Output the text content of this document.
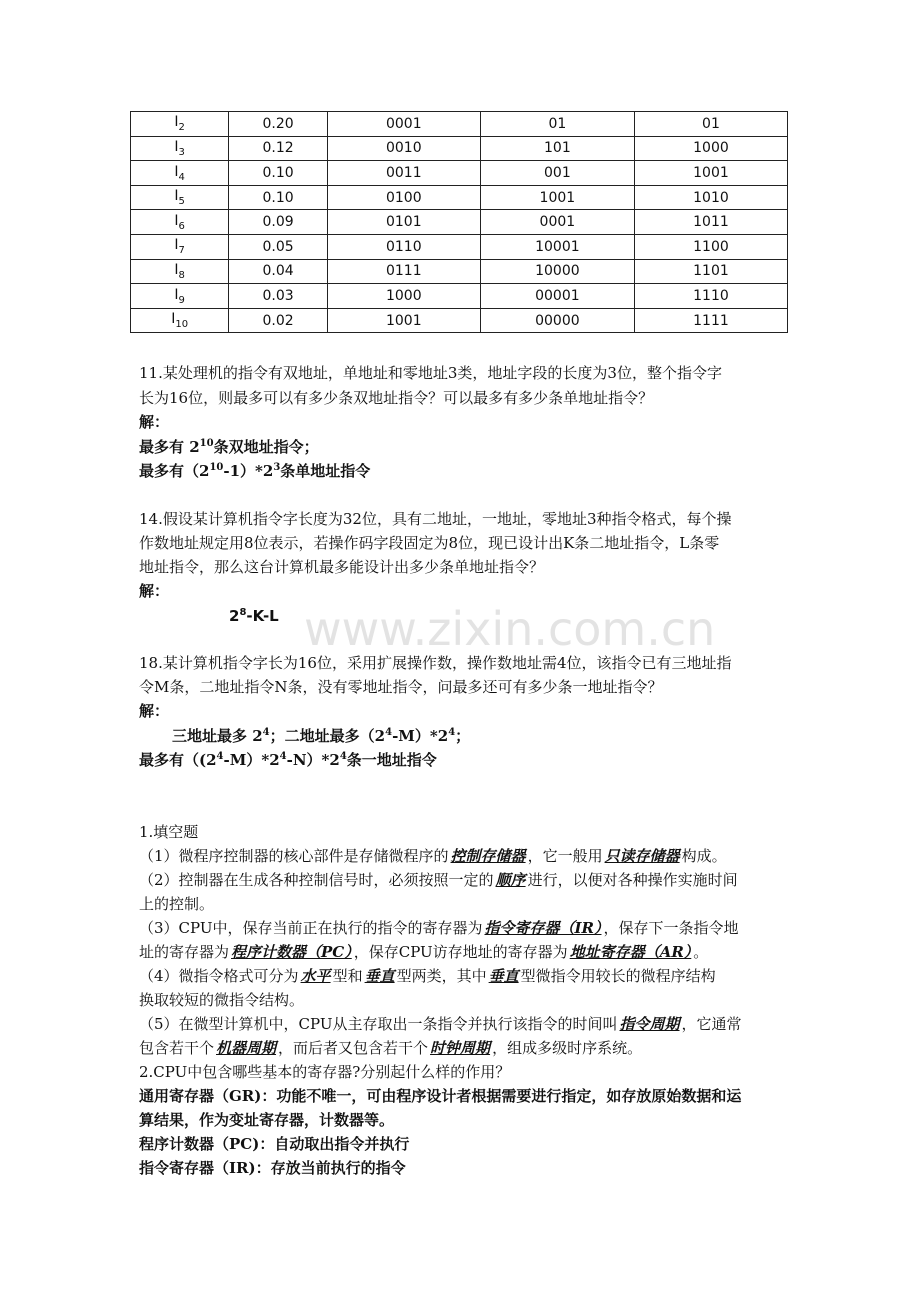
www.zixin.com.cn
$I_2$	0.20	0001	01	01
$I_3$	0.12	0010	101	1000
$I_4$	0.10	0011	001	1001
$I_5$	0.10	0100	1001	1010
$I_6$	0.09	0101	0001	1011
$I_7$	0.05	0110	10001	1100
$I_8$	0.04	0111	10000	1101
$I_9$	0.03	1000	00001	1110
$I_{10}$	0.02	1001	00000	1111
11.某处理机的指令有双地址，单地址和零地址3类，地址字段的长度为3位，整个指令字
长为16位，则最多可以有多少条双地址指令？可以最多有多少条单地址指令？
解：
最多有 $2^{10}$条双地址指令；
最多有$(2^{10}-1)*2^3$条单地址指令
14.假设某计算机指令字长度为32位，具有二地址，一地址，零地址3种指令格式，每个操
作数地址规定用8位表示，若操作码字段固定为8位，现已设计出K条二地址指令，L条零
地址指令，那么这台计算机最多能设计出多少条单地址指令？
解：
$2^8-K-L$
18.某计算机指令字长为16位，采用扩展操作数，操作数地址需4位，该指令已有三地址指
令M条，二地址指令N条，没有零地址指令，问最多还可有多少条一地址指令？
解：
三地址最多 $2^4$；二地址最多$(2^4-M)*2^4$；
最多有$((2^4-M)*2^4-N)*2^4$条一地址指令
1.填空题
（1）微程序控制器的核心部件是存储微程序的 控制存储器 ，它一般用 只读存储器 构成。
（2）控制器在生成各种控制信号时，必须按照一定的 顺序 进行，以便对各种操作实施时间
上的控制。
（3）CPU中，保存当前正在执行的指令的寄存器为 指令寄存器（IR） ，保存下一条指令地
址的寄存器为 程序计数器（PC） ，保存CPU访存地址的寄存器为 地址寄存器（AR） 。
（4）微指令格式可分为 水平 型和 垂直 型两类，其中 垂直 型微指令用较长的微程序结构
换取较短的微指令结构。
（5）在微型计算机中，CPU从主存取出一条指令并执行该指令的时间叫 指令周期 ，它通常
包含若干个 机器周期 ，而后者又包含若干个 时钟周期 ，组成多级时序系统。
2.CPU中包含哪些基本的寄存器?分别起什么样的作用？
通用寄存器（GR)：功能不唯一，可由程序设计者根据需要进行指定，如存放原始数据和运
算结果，作为变址寄存器，计数器等。
程序计数器（PC)：自动取出指令并执行
指令寄存器（IR)：存放当前执行的指令
